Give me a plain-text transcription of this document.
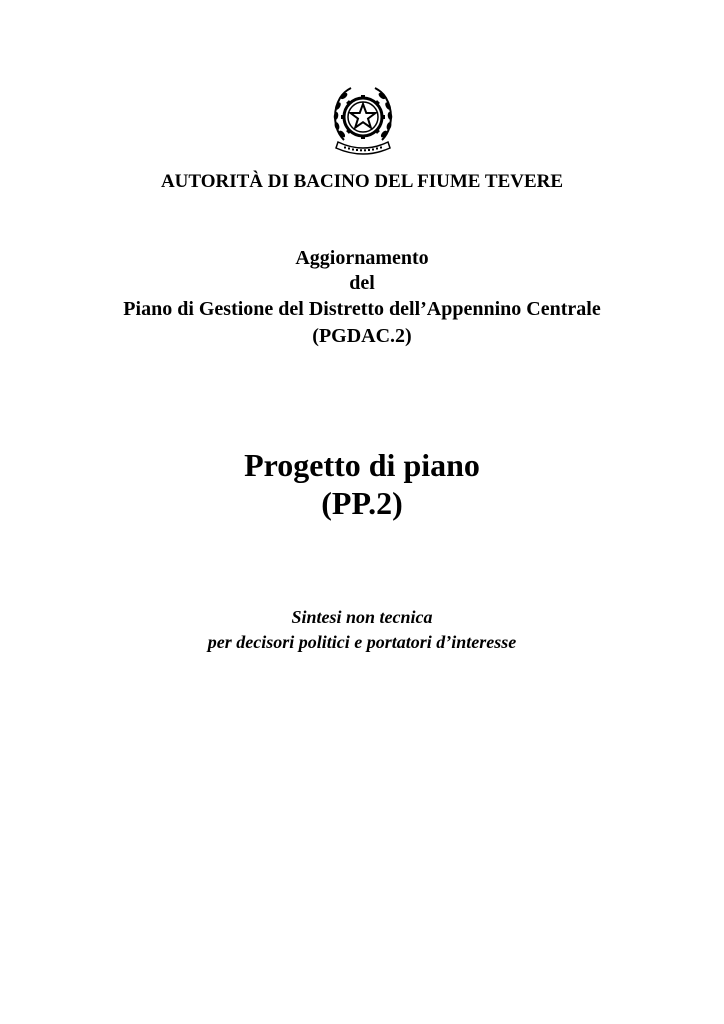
AUTORITÀ DI BACINO DEL FIUME TEVERE
Aggiornamento
del
Piano di Gestione del Distretto dell’Appennino Centrale
(PGDAC.2)
Progetto di piano
(PP.2)
Sintesi non tecnica
per decisori politici e portatori d’interesse
